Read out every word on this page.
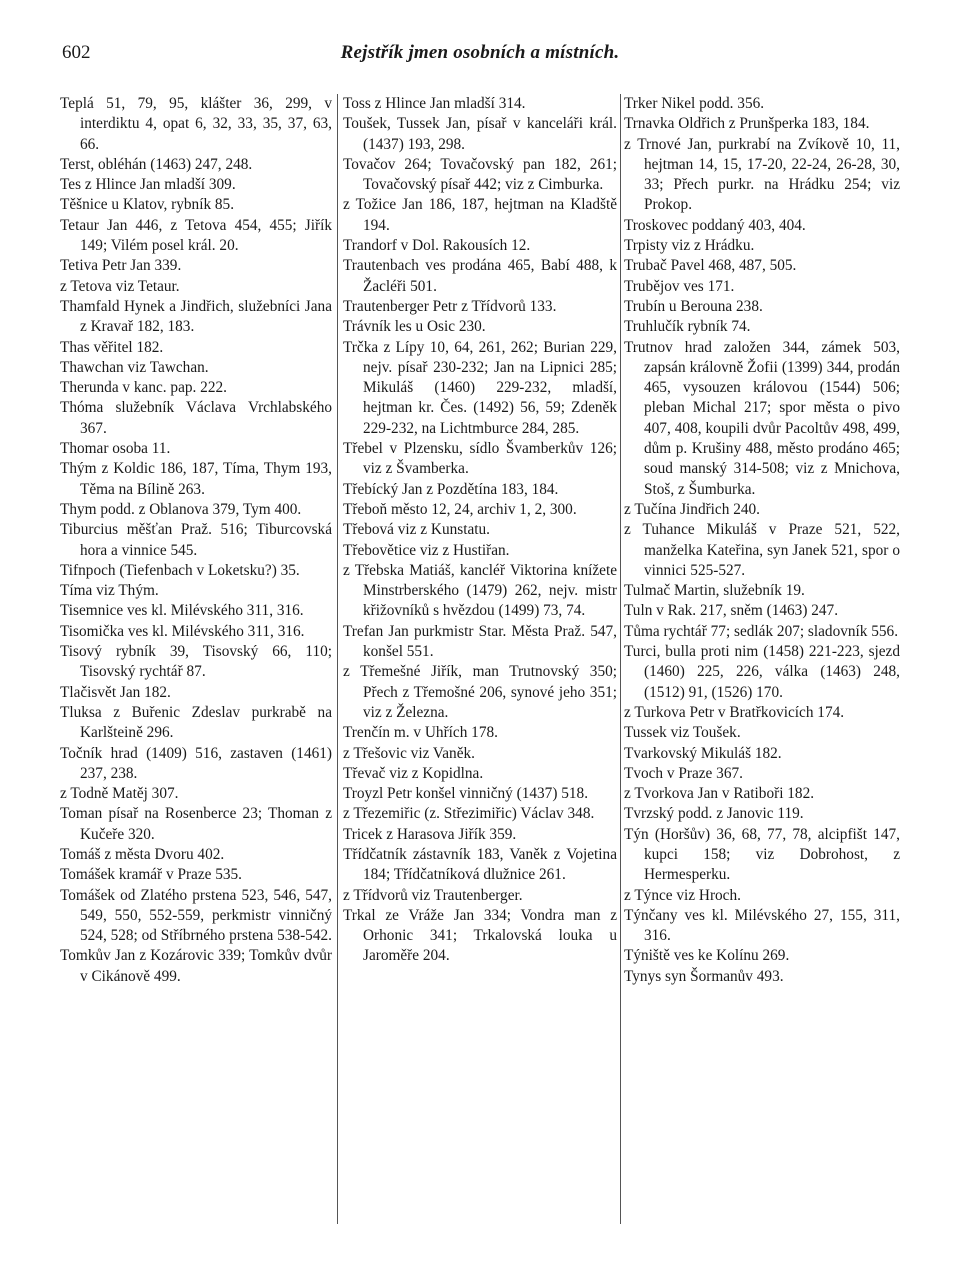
602	Rejstřík jmen osobních a místních.

Teplá 51, 79, 95, klášter 36, 299, v interdiktu 4, opat 6, 32, 33, 35, 37, 63, 66.

Terst, obléhán (1463) 247, 248.

Tes z Hlince Jan mladší 309.

Těšnice u Klatov, rybník 85.

Tetaur Jan 446, z Tetova 454, 455; Jiřík 149; Vilém posel král. 20.

Tetiva Petr Jan 339.

z Tetova viz Tetaur.

Thamfald Hynek a Jindřich, služebníci Jana z Kravař 182, 183.

Thas věřitel 182.

Thawchan viz Tawchan.

Therunda v kanc. pap. 222.

Thóma služebník Václava Vrchlabského 367.

Thomar osoba 11.

Thým z Koldic 186, 187, Tíma, Thym 193, Těma na Bílině 263.

Thym podd. z Oblanova 379, Tym 400.

Tiburcius měšťan Praž. 516; Tiburcovská hora a vinnice 545.

Tifnpoch (Tiefenbach v Loketsku?) 35.

Tíma viz Thým.

Tisemnice ves kl. Milévského 311, 316.

Tisomička ves kl. Milévského 311, 316.

Tisový rybník 39, Tisovský 66, 110; Tisovský rychtář 87.

Tlačisvět Jan 182.

Tluksa z Buřenic Zdeslav purkrabě na Karlšteině 296.

Točník hrad (1409) 516, zastaven (1461) 237, 238.

z Todně Matěj 307.

Toman písař na Rosenberce 23; Thoman z Kučeře 320.

Tomáš z města Dvoru 402.

Tomášek kramář v Praze 535.

Tomášek od Zlatého prstena 523, 546, 547, 549, 550, 552-559, perkmistr vinničný 524, 528; od Stříbrného prstena 538-542.

Tomkův Jan z Kozárovic 339; Tomkův dvůr v Cikánově 499.

Toss z Hlince Jan mladší 314.

Toušek, Tussek Jan, písař v kanceláři král. (1437) 193, 298.

Tovačov 264; Tovačovský pan 182, 261; Tovačovský písař 442; viz z Cimburka.

z Tožice Jan 186, 187, hejtman na Kladště 194.

Trandorf v Dol. Rakousích 12.

Trautenbach ves prodána 465, Babí 488, k Žacléři 501.

Trautenberger Petr z Třídvorů 133.

Trávník les u Osic 230.

Trčka z Lípy 10, 64, 261, 262; Burian 229, nejv. písař 230-232; Jan na Lipnici 285; Mikuláš (1460) 229-232, mladší, hejtman kr. Čes. (1492) 56, 59; Zdeněk 229-232, na Lichtmburce 284, 285.

Třebel v Plzensku, sídlo Švamberkův 126; viz z Švamberka.

Třebícký Jan z Pozdětína 183, 184.

Třeboň město 12, 24, archiv 1, 2, 300.

Třebová viz z Kunstatu.

Třebovětice viz z Hustiřan.

z Třebska Matiáš, kancléř Viktorina knížete Minstrberského (1479) 262, nejv. mistr křižovníků s hvězdou (1499) 73, 74.

Trefan Jan purkmistr Star. Města Praž. 547, konšel 551.

z Třemešné Jiřík, man Trutnovský 350; Přech z Třemošné 206, synové jeho 351; viz z Železna.

Trenčín m. v Uhřích 178.

z Třešovic viz Vaněk.

Třevač viz z Kopidlna.

Troyzl Petr konšel vinničný (1437) 518.

z Třezemiřic (z. Střezimiřic) Václav 348.

Tricek z Harasova Jiřík 359.

Třídčatník zástavník 183, Vaněk z Vojetina 184; Třídčatníková dlužnice 261.

z Třídvorů viz Trautenberger.

Trkal ze Vráže Jan 334; Vondra man z Orhonic 341; Trkalovská louka u Jaroměře 204.

Trker Nikel podd. 356.

Trnavka Oldřich z Prunšperka 183, 184.

z Trnové Jan, purkrabí na Zvíkově 10, 11, hejtman 14, 15, 17-20, 22-24, 26-28, 30, 33; Přech purkr. na Hrádku 254; viz Prokop.

Troskovec poddaný 403, 404.

Trpisty viz z Hrádku.

Trubač Pavel 468, 487, 505.

Trubějov ves 171.

Trubín u Berouna 238.

Truhlučík rybník 74.

Trutnov hrad založen 344, zámek 503, zapsán královně Žofii (1399) 344, prodán 465, vysouzen královou (1544) 506; pleban Michal 217; spor města o pivo 407, 408, koupili dvůr Pacoltův 498, 499, dům p. Krušiny 488, město prodáno 465; soud manský 314-508; viz z Mnichova, Stoš, z Šumburka.

z Tučína Jindřich 240.

z Tuhance Mikuláš v Praze 521, 522, manželka Kateřina, syn Janek 521, spor o vinnici 525-527.

Tulmač Martin, služebník 19.

Tuln v Rak. 217, sněm (1463) 247.

Tůma rychtář 77; sedlák 207; sladovník 556.

Turci, bulla proti nim (1458) 221-223, sjezd (1460) 225, 226, válka (1463) 248, (1512) 91, (1526) 170.

z Turkova Petr v Bratřkovicích 174.

Tussek viz Toušek.

Tvarkovský Mikuláš 182.

Tvoch v Praze 367.

z Tvorkova Jan v Ratiboři 182.

Tvrzský podd. z Janovic 119.

Týn (Horšův) 36, 68, 77, 78, alcipfišt 147, kupci 158; viz Dobrohost, z Hermesperku.

z Týnce viz Hroch.

Týnčany ves kl. Milévského 27, 155, 311, 316.

Týniště ves ke Kolínu 269.

Tynys syn Šormanův 493.
